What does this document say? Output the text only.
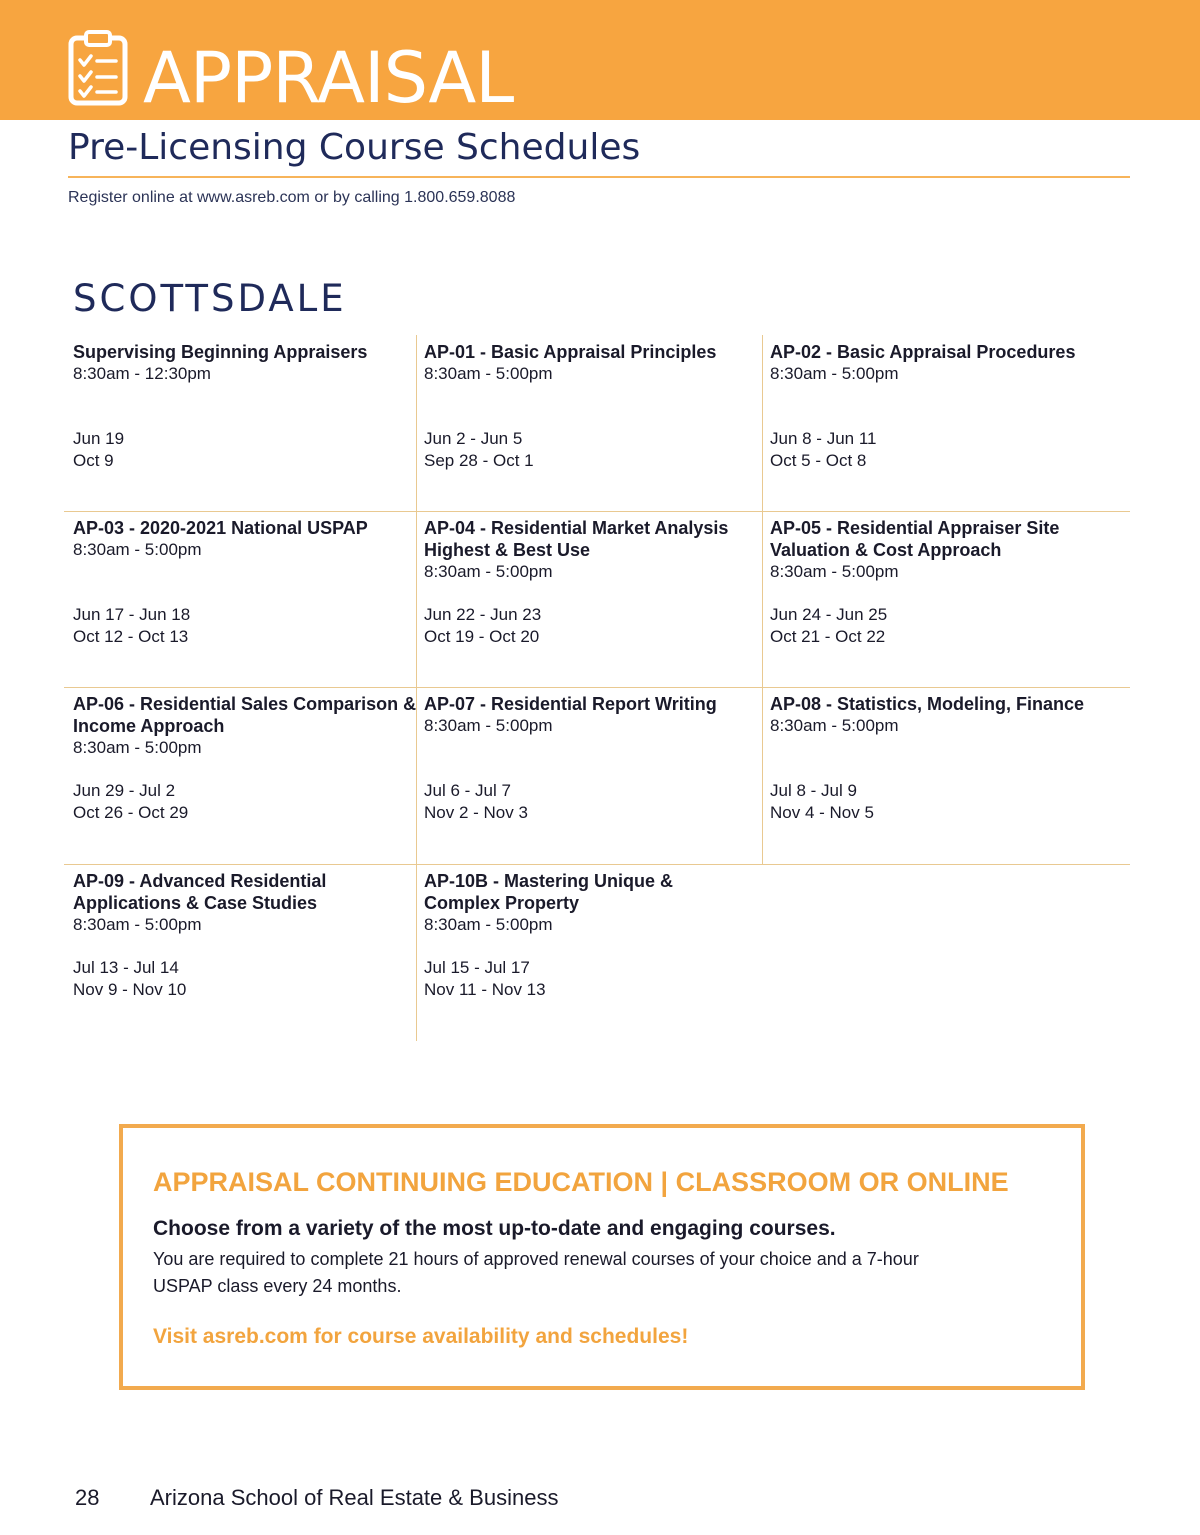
APPRAISAL
Pre-Licensing Course Schedules
Register online at www.asreb.com or by calling 1.800.659.8088
SCOTTSDALE
Supervising Beginning Appraisers
8:30am - 12:30pm
Jun 19
Oct 9
AP-01 - Basic Appraisal Principles
8:30am - 5:00pm
Jun 2 - Jun 5
Sep 28 - Oct 1
AP-02 - Basic Appraisal Procedures
8:30am - 5:00pm
Jun 8 - Jun 11
Oct 5 - Oct 8
AP-03 - 2020-2021 National USPAP
8:30am - 5:00pm
Jun 17 - Jun 18
Oct 12 - Oct 13
AP-04 - Residential Market Analysis Highest & Best Use
8:30am - 5:00pm
Jun 22 - Jun 23
Oct 19 - Oct 20
AP-05 - Residential Appraiser Site Valuation & Cost Approach
8:30am - 5:00pm
Jun 24 - Jun 25
Oct 21 - Oct 22
AP-06 - Residential Sales Comparison & Income Approach
8:30am - 5:00pm
Jun 29 - Jul 2
Oct 26 - Oct 29
AP-07 - Residential Report Writing
8:30am - 5:00pm
Jul 6 - Jul 7
Nov 2 - Nov 3
AP-08 - Statistics, Modeling, Finance
8:30am - 5:00pm
Jul 8 - Jul 9
Nov 4 - Nov 5
AP-09 - Advanced Residential Applications & Case Studies
8:30am - 5:00pm
Jul 13 - Jul 14
Nov 9 - Nov 10
AP-10B - Mastering Unique & Complex Property
8:30am - 5:00pm
Jul 15 - Jul 17
Nov 11 - Nov 13
APPRAISAL CONTINUING EDUCATION | CLASSROOM OR ONLINE
Choose from a variety of the most up-to-date and engaging courses.
You are required to complete 21 hours of approved renewal courses of your choice and a 7-hour USPAP class every 24 months.
Visit asreb.com for course availability and schedules!
28 Arizona School of Real Estate & Business
